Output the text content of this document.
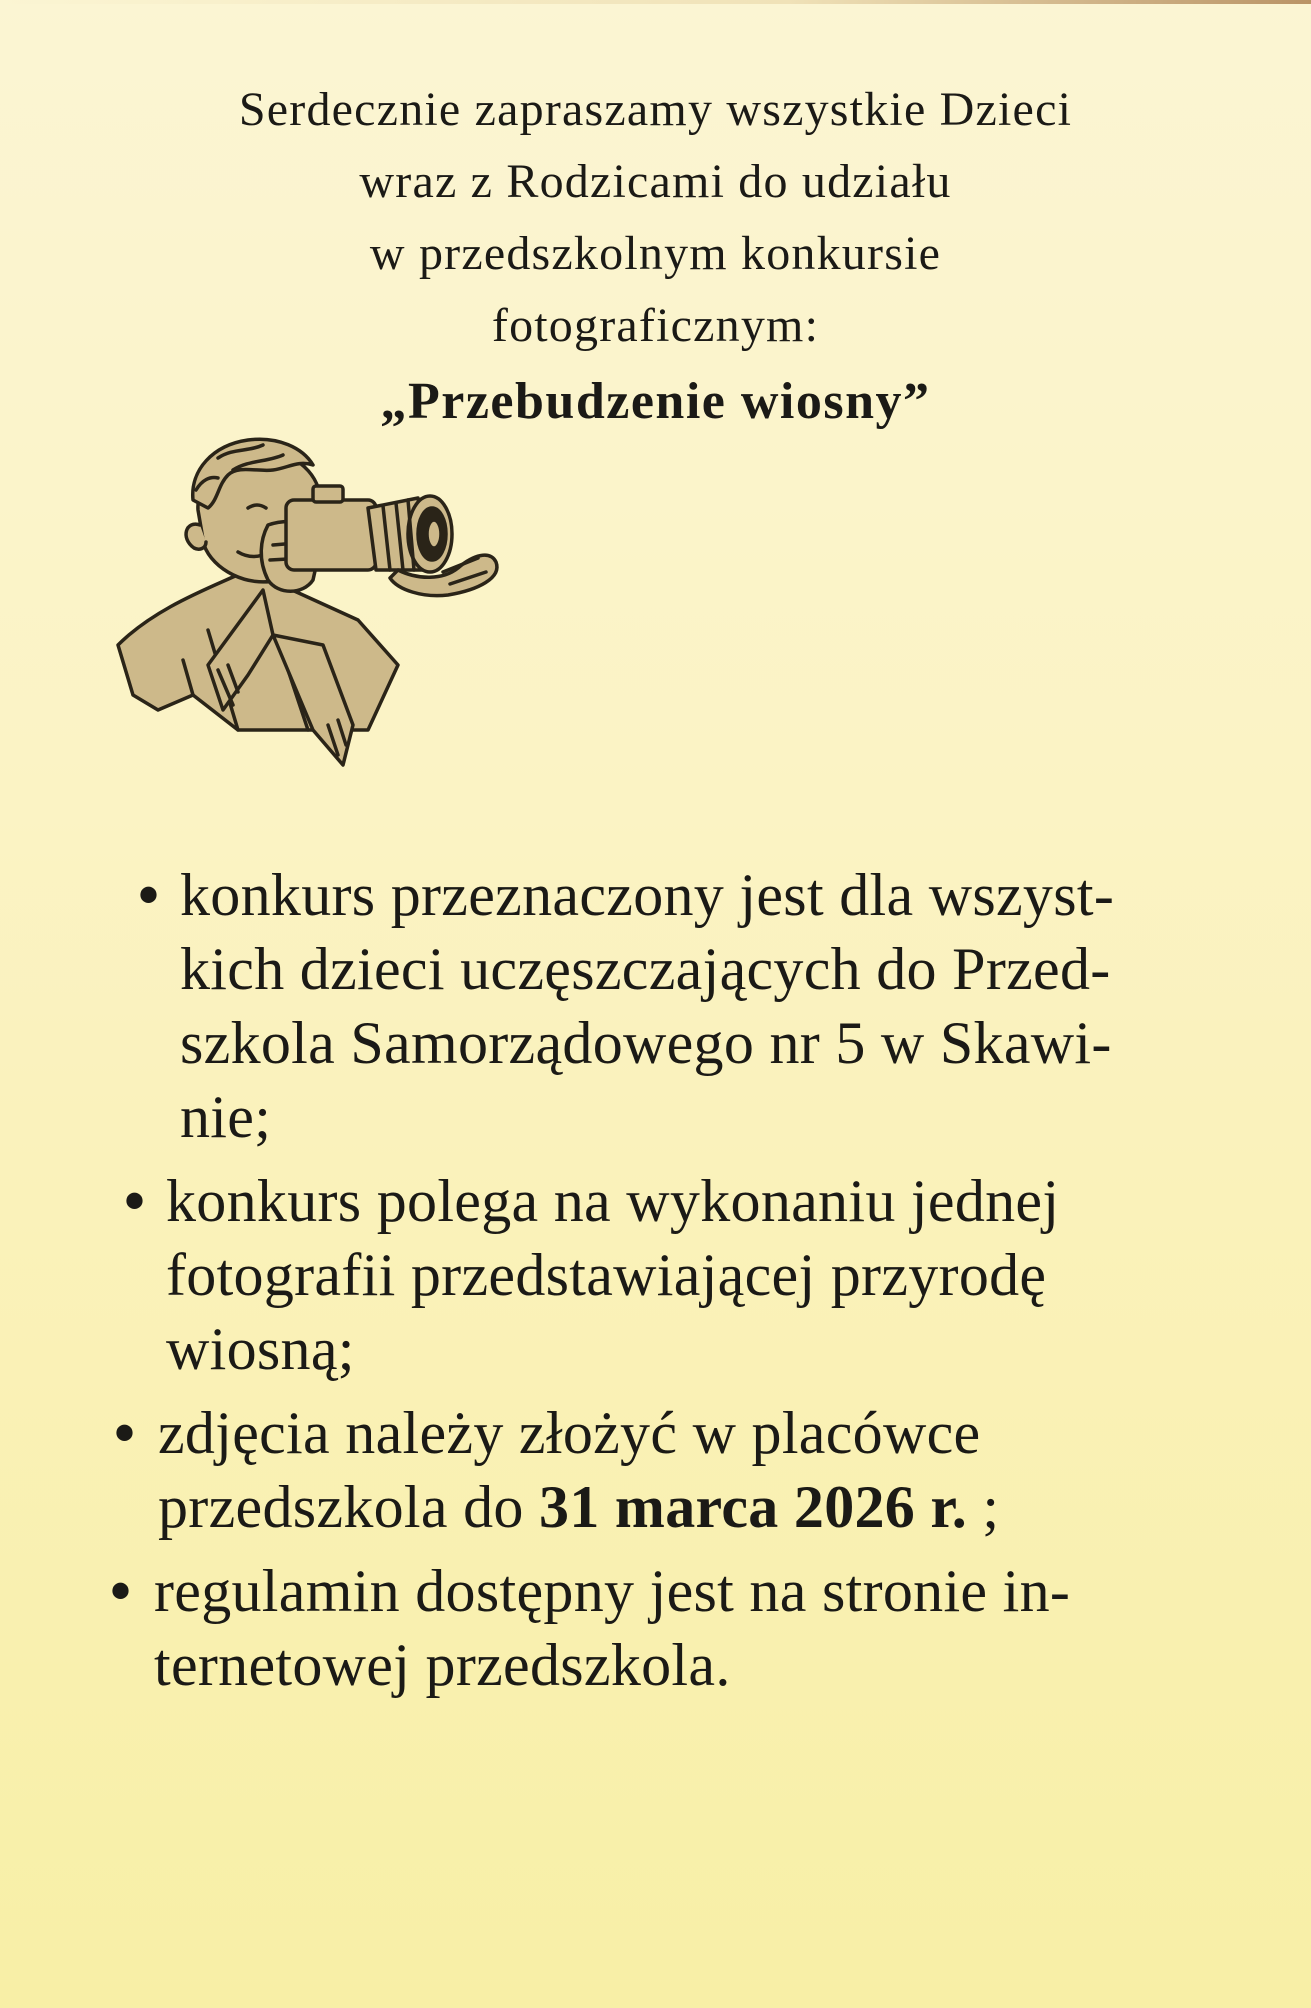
Serdecznie zapraszamy wszystkie Dzieci
wraz z Rodzicami do udziału
w przedszkolnym konkursie
fotograficznym:
„Przebudzenie wiosny”
• konkurs przeznaczony jest dla wszyst-
kich dzieci uczęszczających do Przed-
szkola Samorządowego nr 5 w Skawi-
nie;
• konkurs polega na wykonaniu jednej
fotografii przedstawiającej przyrodę
wiosną;
• zdjęcia należy złożyć w placówce
przedszkola do 31 marca 2026 r. ;
• regulamin dostępny jest na stronie in-
ternetowej przedszkola.
